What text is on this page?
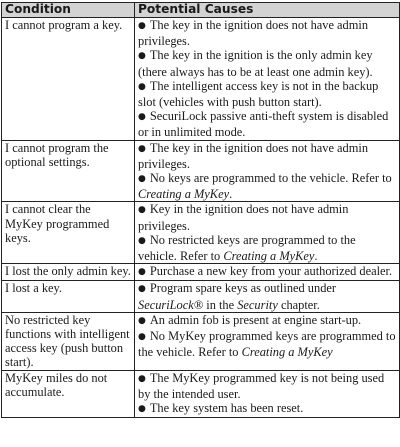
Condition	Potential Causes
I cannot program a key.	● The key in the ignition does not have admin privileges.
● The key in the ignition is the only admin key (there always has to be at least one admin key).
● The intelligent access key is not in the backup slot (vehicles with push button start).
● SecuriLock passive anti-theft system is disabled or in unlimited mode.

I cannot program the optional settings.	● The key in the ignition does not have admin privileges.
● No keys are programmed to the vehicle. Refer to Creating a MyKey.

I cannot clear the MyKey programmed keys.	● Key in the ignition does not have admin privileges.
● No restricted keys are programmed to the vehicle. Refer to Creating a MyKey.

I lost the only admin key.	● Purchase a new key from your authorized dealer.

I lost a key.	● Program spare keys as outlined under SecuriLock® in the Security chapter.

No restricted key functions with intelligent access key (push button start).	● An admin fob is present at engine start-up.
● No MyKey programmed keys are programmed to the vehicle. Refer to Creating a MyKey

MyKey miles do not accumulate.	● The MyKey programmed key is not being used by the intended user.
● The key system has been reset.
